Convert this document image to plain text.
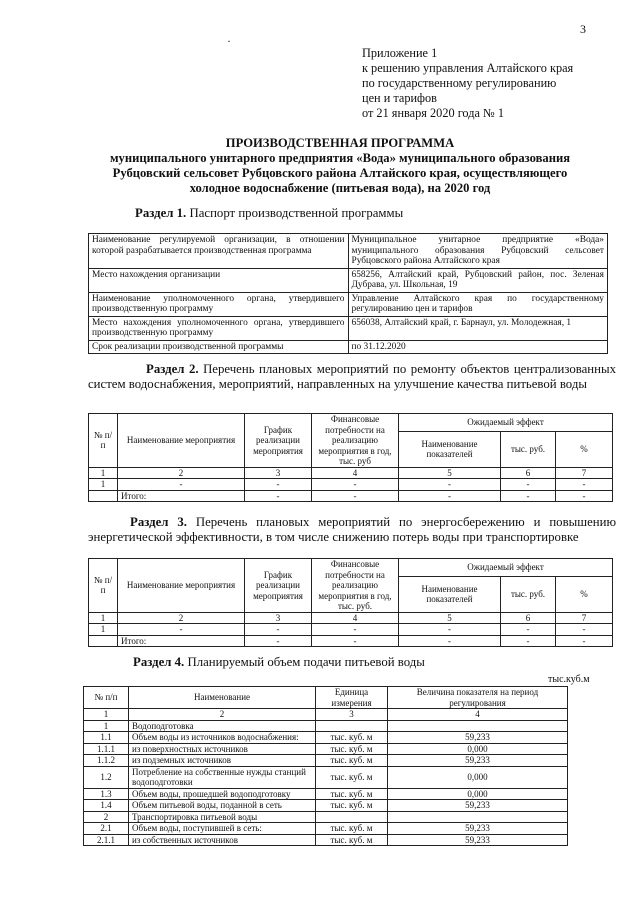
3
·
Приложение 1
к решению управления Алтайского края
по государственному регулированию
цен и тарифов
от 21 января 2020 года № 1
ПРОИЗВОДСТВЕННАЯ ПРОГРАММА
муниципального унитарного предприятия «Вода» муниципального образования
Рубцовский сельсовет Рубцовского района Алтайского края, осуществляющего
холодное водоснабжение (питьевая вода), на 2020 год
Раздел 1. Паспорт производственной программы
Наименование регулируемой организации, в отношении которой разрабатывается производственная программа	Муниципальное унитарное предприятие «Вода» муниципального образования Рубцовский сельсовет Рубцовского района Алтайского края
Место нахождения организации	658256, Алтайский край, Рубцовский район, пос. Зеленая Дубрава, ул. Школьная, 19
Наименование уполномоченного органа, утвердившего производственную программу	Управление Алтайского края по государственному регулированию цен и тарифов
Место нахождения уполномоченного органа, утвердившего производственную программу	656038, Алтайский край, г. Барнаул, ул. Молодежная, 1
Срок реализации производственной программы	по 31.12.2020
Раздел 2. Перечень плановых мероприятий по ремонту объектов централизованных систем водоснабжения, мероприятий, направленных на улучшение качества питьевой воды
№ п/п	Наименование мероприятия	График реализации мероприятия	Финансовые потребности на реализацию мероприятия в год, тыс. руб	Ожидаемый эффект		
				Наименование показателей	тыс. руб.	%
1	2	3	4	5	6	7
1	-	-	-	-	-	-
	Итого:	-	-	-	-	-
Раздел 3. Перечень плановых мероприятий по энергосбережению и повышению энергетической эффективности, в том числе снижению потерь воды при транспортировке
№ п/п	Наименование мероприятия	График реализации мероприятия	Финансовые потребности на реализацию мероприятия в год, тыс. руб.	Ожидаемый эффект		
				Наименование показателей	тыс. руб.	%
1	2	3	4	5	6	7
1	-	-	-	-	-	-
	Итого:	-	-	-	-	-
Раздел 4. Планируемый объем подачи питьевой воды
тыс.куб.м
№ п/п	Наименование	Единица измерения	Величина показателя на период регулирования
1	2	3	4
1	Водоподготовка		
1.1	Объем воды из источников водоснабжения:	тыс. куб. м	59,233
1.1.1	из поверхностных источников	тыс. куб. м	0,000
1.1.2	из подземных источников	тыс. куб. м	59,233
1.2	Потребление на собственные нужды станций водоподготовки	тыс. куб. м	0,000
1.3	Объем воды, прошедшей водоподготовку	тыс. куб. м	0,000
1.4	Объем питьевой воды, поданной в сеть	тыс. куб. м	59,233
2	Транспортировка питьевой воды		
2.1	Объем воды, поступившей в сеть:	тыс. куб. м	59,233
2.1.1	из собственных источников	тыс. куб. м	59,233
